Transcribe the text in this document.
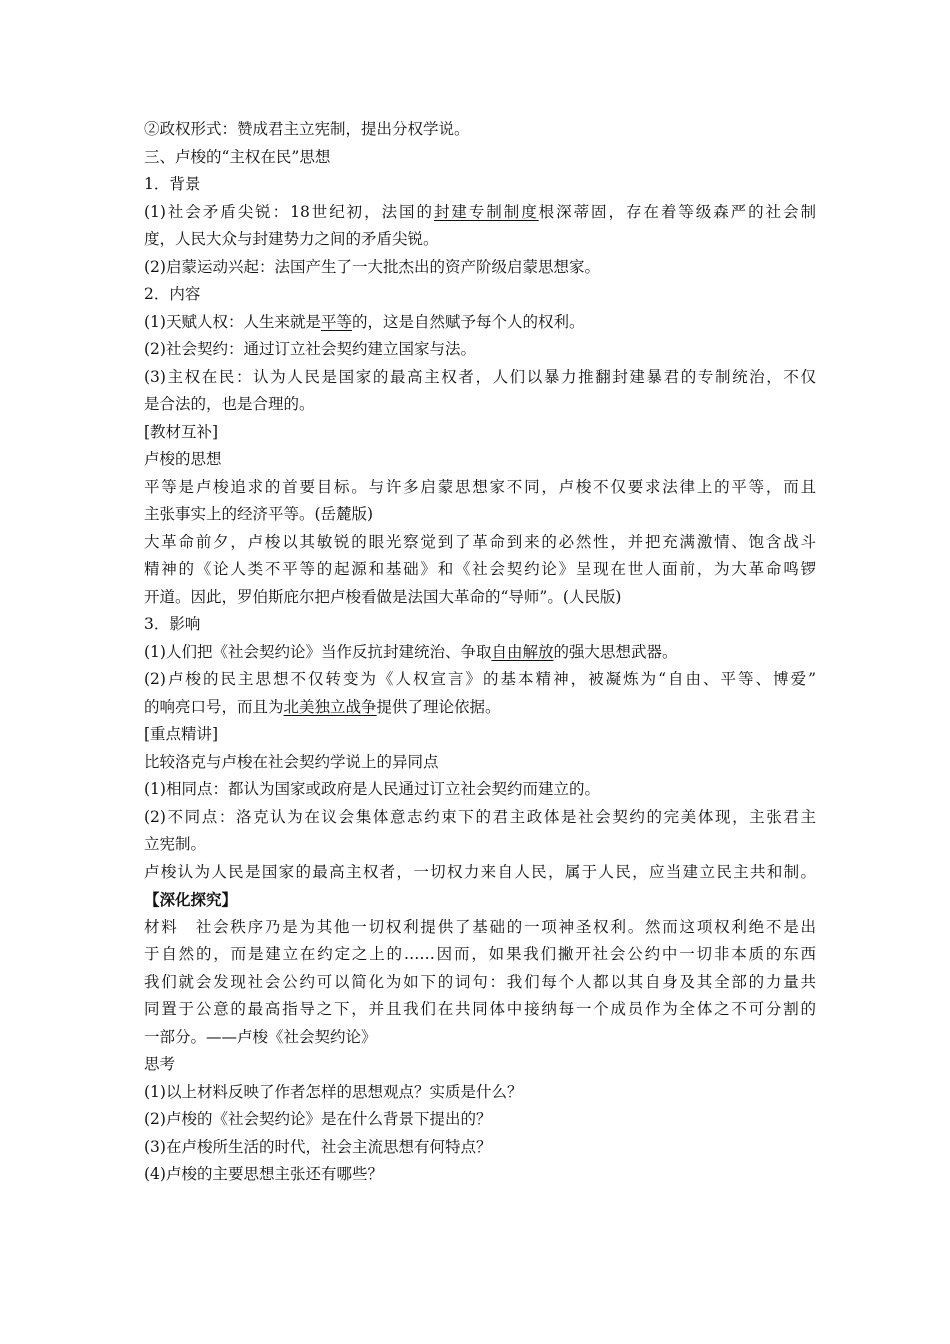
②政权形式：赞成君主立宪制，提出分权学说。
三、卢梭的“主权在民”思想
1．背景
(1)社会矛盾尖锐：18世纪初，法国的封建专制制度根深蒂固，存在着等级森严的社会制
度，人民大众与封建势力之间的矛盾尖锐。
(2)启蒙运动兴起：法国产生了一大批杰出的资产阶级启蒙思想家。
2．内容
(1)天赋人权：人生来就是平等的，这是自然赋予每个人的权利。
(2)社会契约：通过订立社会契约建立国家与法。
(3)主权在民：认为人民是国家的最高主权者，人们以暴力推翻封建暴君的专制统治，不仅
是合法的，也是合理的。
[教材互补]
卢梭的思想
平等是卢梭追求的首要目标。与许多启蒙思想家不同，卢梭不仅要求法律上的平等，而且
主张事实上的经济平等。(岳麓版)
大革命前夕，卢梭以其敏锐的眼光察觉到了革命到来的必然性，并把充满激情、饱含战斗
精神的《论人类不平等的起源和基础》和《社会契约论》呈现在世人面前，为大革命鸣锣
开道。因此，罗伯斯庇尔把卢梭看做是法国大革命的“导师”。(人民版)
3．影响
(1)人们把《社会契约论》当作反抗封建统治、争取自由解放的强大思想武器。
(2)卢梭的民主思想不仅转变为《人权宣言》的基本精神，被凝炼为“自由、平等、博爱”
的响亮口号，而且为北美独立战争提供了理论依据。
[重点精讲]
比较洛克与卢梭在社会契约学说上的异同点
(1)相同点：都认为国家或政府是人民通过订立社会契约而建立的。
(2)不同点：洛克认为在议会集体意志约束下的君主政体是社会契约的完美体现，主张君主
立宪制。
卢梭认为人民是国家的最高主权者，一切权力来自人民，属于人民，应当建立民主共和制。
【深化探究】
材料　社会秩序乃是为其他一切权利提供了基础的一项神圣权利。然而这项权利绝不是出
于自然的，而是建立在约定之上的……因而，如果我们撇开社会公约中一切非本质的东西
我们就会发现社会公约可以简化为如下的词句：我们每个人都以其自身及其全部的力量共
同置于公意的最高指导之下，并且我们在共同体中接纳每一个成员作为全体之不可分割的
一部分。——卢梭《社会契约论》
思考
(1)以上材料反映了作者怎样的思想观点？实质是什么？
(2)卢梭的《社会契约论》是在什么背景下提出的？
(3)在卢梭所生活的时代，社会主流思想有何特点？
(4)卢梭的主要思想主张还有哪些？
